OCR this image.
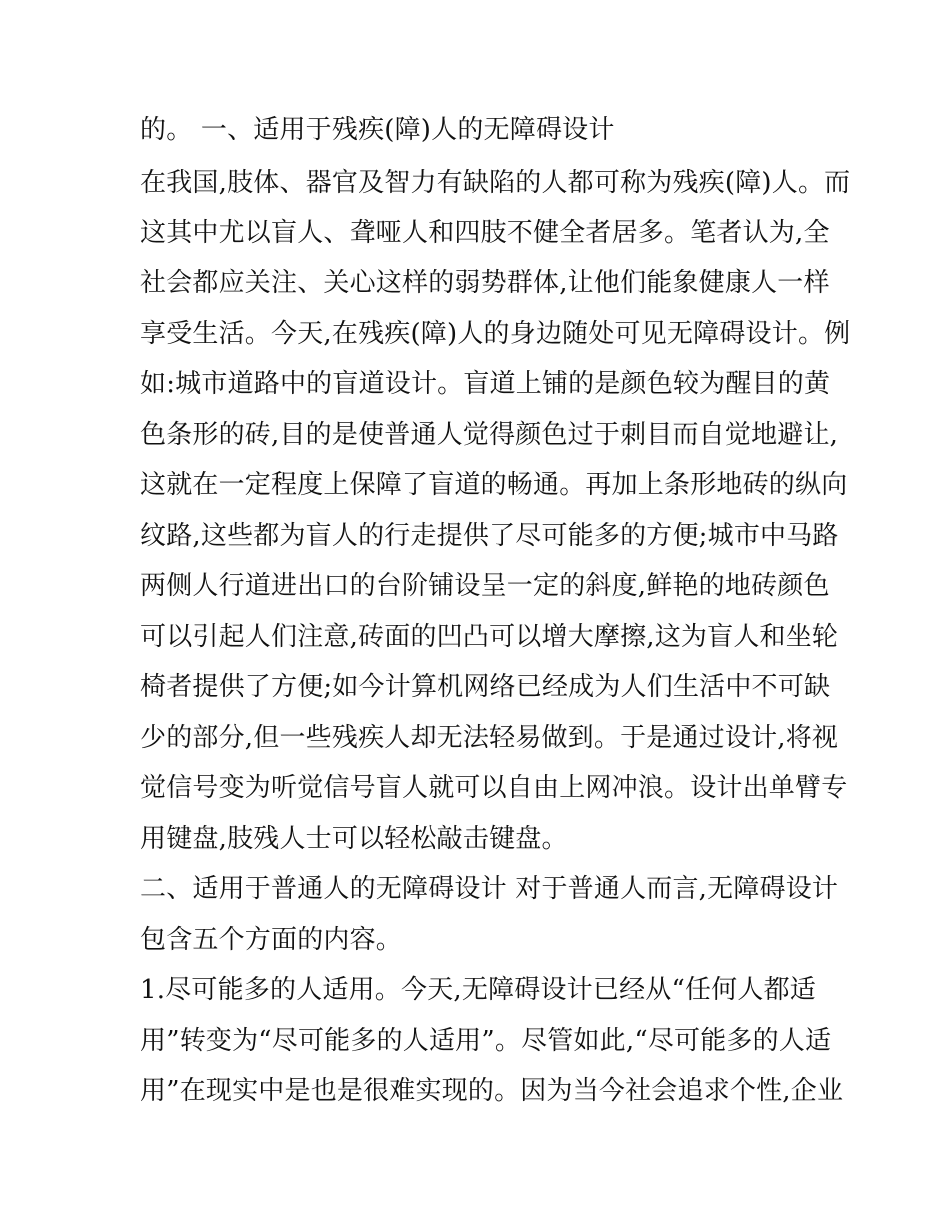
的。 一、适用于残疾(障)人的无障碍设计
在我国,肢体、器官及智力有缺陷的人都可称为残疾(障)人。而
这其中尤以盲人、聋哑人和四肢不健全者居多。笔者认为,全
社会都应关注、关心这样的弱势群体,让他们能象健康人一样
享受生活。今天,在残疾(障)人的身边随处可见无障碍设计。例
如:城市道路中的盲道设计。盲道上铺的是颜色较为醒目的黄
色条形的砖,目的是使普通人觉得颜色过于刺目而自觉地避让,
这就在一定程度上保障了盲道的畅通。再加上条形地砖的纵向
纹路,这些都为盲人的行走提供了尽可能多的方便;城市中马路
两侧人行道进出口的台阶铺设呈一定的斜度,鲜艳的地砖颜色
可以引起人们注意,砖面的凹凸可以增大摩擦,这为盲人和坐轮
椅者提供了方便;如今计算机网络已经成为人们生活中不可缺
少的部分,但一些残疾人却无法轻易做到。于是通过设计,将视
觉信号变为听觉信号盲人就可以自由上网冲浪。设计出单臂专
用键盘,肢残人士可以轻松敲击键盘。
二、适用于普通人的无障碍设计 对于普通人而言,无障碍设计
包含五个方面的内容。
1.尽可能多的人适用。今天,无障碍设计已经从“任何人都适
用”转变为“尽可能多的人适用”。尽管如此,“尽可能多的人适
用”在现实中是也是很难实现的。因为当今社会追求个性,企业
